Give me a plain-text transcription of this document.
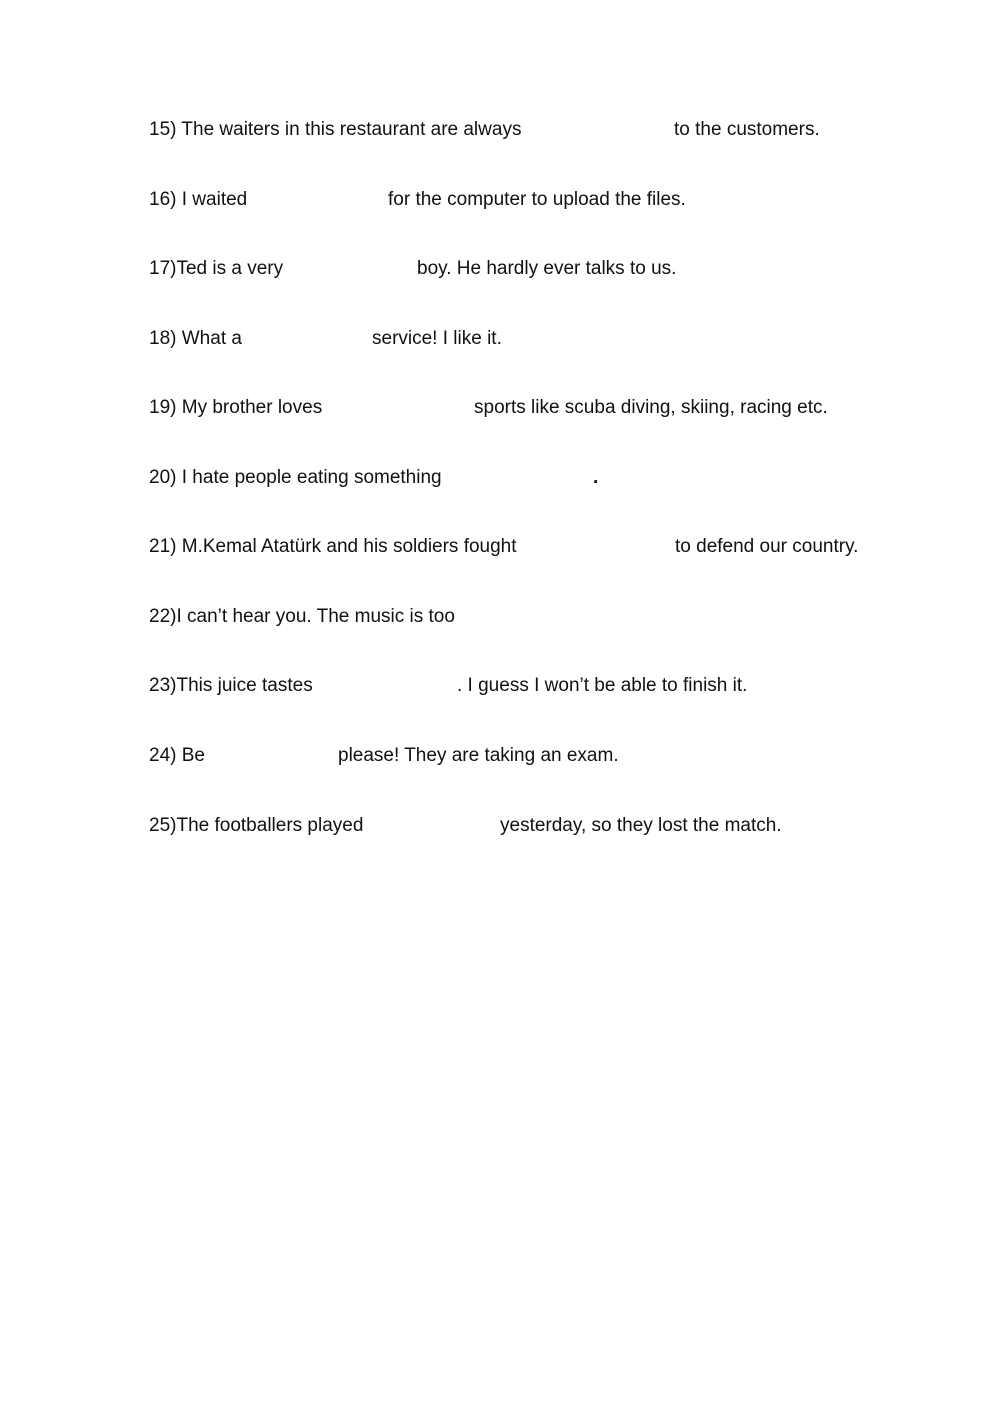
15) The waiters in this restaurant are always	to the customers.
16) I waited	for the computer to upload the files.
17)Ted is a very	boy. He hardly ever talks to us.
18) What a	service! I like it.
19) My brother loves	sports like scuba diving, skiing, racing etc.
20) I hate people eating something	.
21) M.Kemal Atatürk and his soldiers fought	to defend our country.
22)I can’t hear you. The music is too
23)This juice tastes	. I guess I won’t be able to finish it.
24) Be	please! They are taking an exam.
25)The footballers played	yesterday, so they lost the match.
